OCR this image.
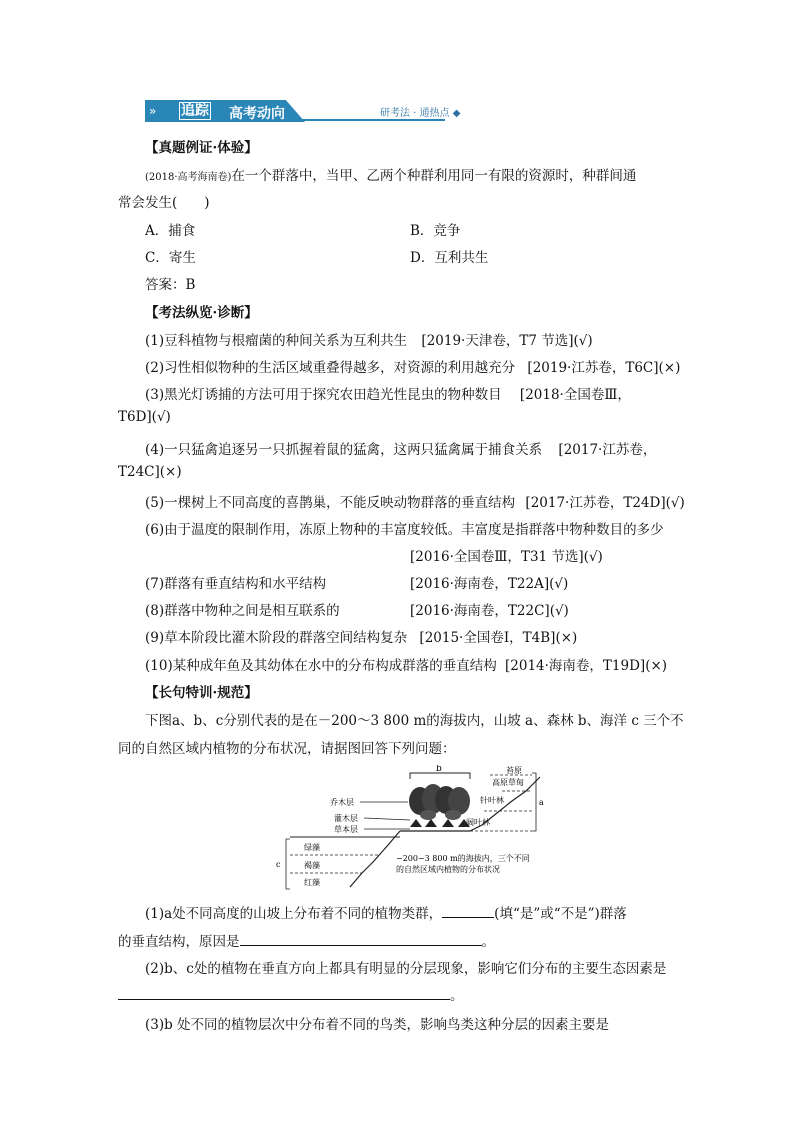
» 追踪 高考动向	研考法 · 通热点 ◆
【真题例证·体验】
(2018·高考海南卷)在一个群落中，当甲、乙两个种群利用同一有限的资源时，种群间通
常会发生(　　)
A．捕食	B．竞争
C．寄生	D．互利共生
答案：B
【考法纵览·诊断】
(1)豆科植物与根瘤菌的种间关系为互利共生 [2019·天津卷，T7 节选](√)
(2)习性相似物种的生活区域重叠得越多，对资源的利用越充分 [2019·江苏卷，T6C](×)
(3)黑光灯诱捕的方法可用于探究农田趋光性昆虫的物种数目 [2018·全国卷Ⅲ，
T6D](√)
(4)一只猛禽追逐另一只抓握着鼠的猛禽，这两只猛禽属于捕食关系 [2017·江苏卷，
T24C](×)
(5)一棵树上不同高度的喜鹊巢，不能反映动物群落的垂直结构 [2017·江苏卷，T24D](√)
(6)由于温度的限制作用，冻原上物种的丰富度较低。丰富度是指群落中物种数目的多少
[2016·全国卷Ⅲ，T31 节选](√)
(7)群落有垂直结构和水平结构	[2016·海南卷，T22A](√)
(8)群落中物种之间是相互联系的	[2016·海南卷，T22C](√)
(9)草本阶段比灌木阶段的群落空间结构复杂 [2015·全国卷Ⅰ，T4B](×)
(10)某种成年鱼及其幼体在水中的分布构成群落的垂直结构 [2014·海南卷，T19D](×)
【长句特训·规范】
下图a、b、c分别代表的是在－200～3 800 m的海拔内，山坡 a、森林 b、海洋 c 三个不
同的自然区域内植物的分布状况，请据图回答下列问题：
b
乔木层
灌木层
草本层
苔原
高原草甸
针叶林
阔叶林
a
绿藻
褐藻
红藻
c
−200~3 800 m的海拔内，三个不同
的自然区域内植物的分布状况
(1)a处不同高度的山坡上分布着不同的植物类群，	(填“是”或“不是”)群落
的垂直结构，原因是	。
(2)b、c处的植物在垂直方向上都具有明显的分层现象，影响它们分布的主要生态因素是
。
(3)b 处不同的植物层次中分布着不同的鸟类，影响鸟类这种分层的因素主要是
